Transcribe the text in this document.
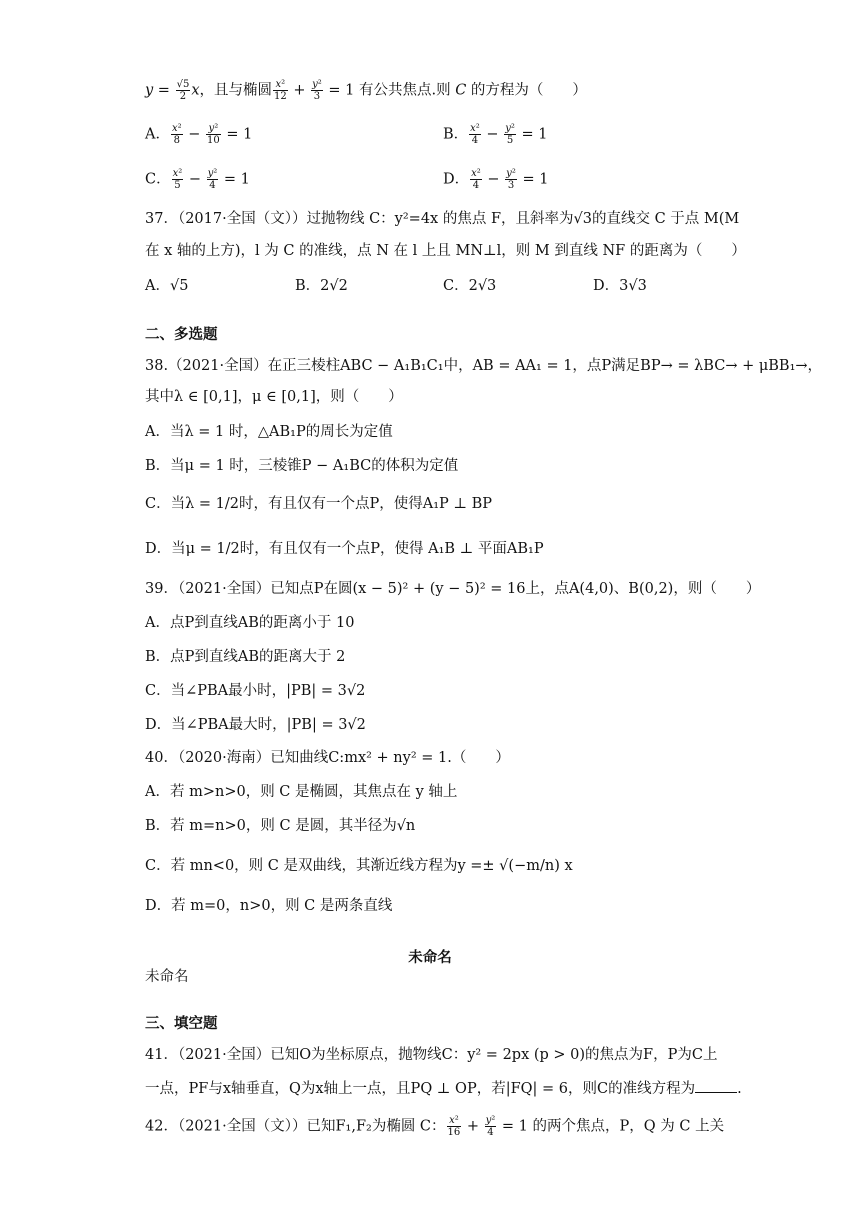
$y = \frac{√5}{2}$ x，且与椭圆 $\frac{\text{x²}}{12} + \frac{\text{y²}}{3} = 1$ 有公共焦点.则 C 的方程为（　　）
A． $\frac{\text{x²}}{8} - \frac{\text{y²}}{10} = 1$	B． $\frac{\text{x²}}{4} - \frac{\text{y²}}{5} = 1$
C． $\frac{\text{x²}}{5} - \frac{\text{y²}}{4} = 1$	D． $\frac{\text{x²}}{4} - \frac{\text{y²}}{3} = 1$
37．（2017·全国（文））过抛物线 C：y²=4x 的焦点 F，且斜率为√3的直线交 C 于点 M(M
在 x 轴的上方)，l 为 C 的准线，点 N 在 l 上且 MN⊥l，则 M 到直线 NF 的距离为（　　）
A．√5	B．2√2	C．2√3	D．3√3
二、多选题
38.（2021·全国）在正三棱柱ABC − A₁B₁C₁中，AB = AA₁ = 1，点P满足BP→ = λBC→ + μBB₁→，
其中λ ∈ [0,1]，μ ∈ [0,1]，则（　　）
A．当λ = 1 时，△AB₁P的周长为定值
B．当μ = 1 时，三棱锥P − A₁BC的体积为定值
C．当λ = 1/2时，有且仅有一个点P，使得A₁P ⊥ BP
D．当μ = 1/2时，有且仅有一个点P，使得 A₁B ⊥ 平面AB₁P
39．（2021·全国）已知点P在圆(x − 5)² + (y − 5)² = 16上，点A(4,0)、B(0,2)，则（　　）
A．点P到直线AB的距离小于 10
B．点P到直线AB的距离大于 2
C．当∠PBA最小时，|PB| = 3√2
D．当∠PBA最大时，|PB| = 3√2
40．（2020·海南）已知曲线C:mx² + ny² = 1.（　　）
A．若 m>n>0，则 C 是椭圆，其焦点在 y 轴上
B．若 m=n>0，则 C 是圆，其半径为√n
C．若 mn<0，则 C 是双曲线，其渐近线方程为y =± √(−m/n) x
D．若 m=0，n>0，则 C 是两条直线
未命名
未命名
三、填空题
41．（2021·全国）已知O为坐标原点，抛物线C：y² = 2px (p > 0)的焦点为F，P为C上
一点，PF与x轴垂直，Q为x轴上一点，且PQ ⊥ OP，若|FQ| = 6，则C的准线方程为	.
42．（2021·全国（文））已知F₁,F₂为椭圆 C： $\frac{\text{x²}}{16} + \frac{\text{y²}}{4} = 1$ 的两个焦点，P，Q 为 C 上关
